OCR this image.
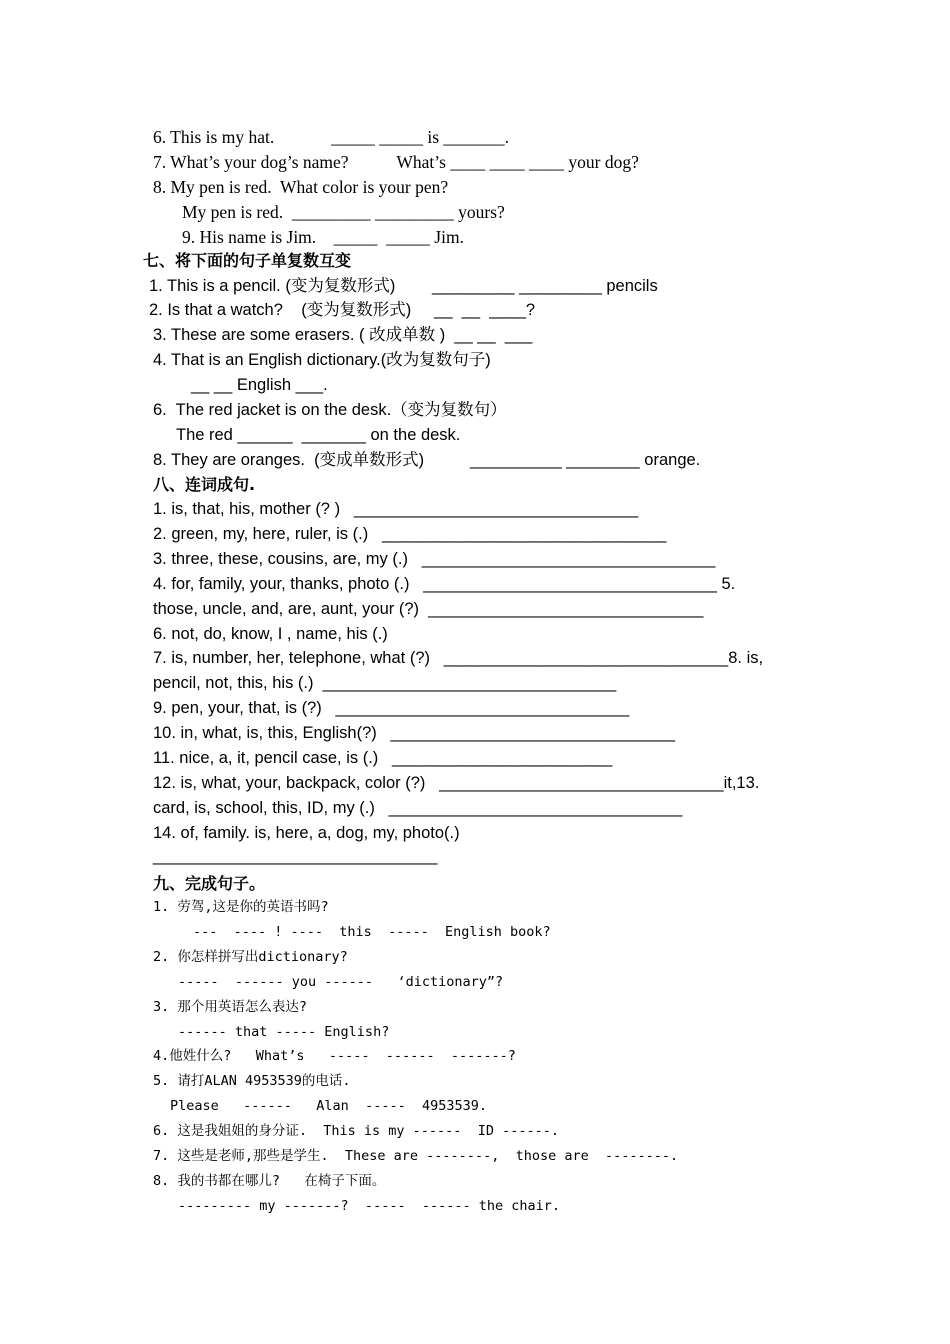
6. This is my hat.             _____ _____ is _______.
7. What’s your dog’s name?           What’s ____ ____ ____ your dog?
8. My pen is red.  What color is your pen?
My pen is red.  _________ _________ yours?
9. His name is Jim.    _____  _____ Jim.
七、将下面的句子单复数互变
1. This is a pencil. (变为复数形式)        _________ _________ pencils
2. Is that a watch?    (变为复数形式)     __  __  ____?
3. These are some erasers. ( 改成单数 )  __ __  ___
4. That is an English dictionary.(改为复数句子)
__ __ English ___.
6.  The red jacket is on the desk.（变为复数句）
The red ______  _______ on the desk.
8. They are oranges.  (变成单数形式)          __________ ________ orange.
八、连词成句.
1. is, that, his, mother (? )   _______________________________
2. green, my, here, ruler, is (.)   _______________________________
3. three, these, cousins, are, my (.)   ________________________________
4. for, family, your, thanks, photo (.)   ________________________________ 5.
those, uncle, and, are, aunt, your (?)  ______________________________
6. not, do, know, I , name, his (.)
7. is, number, her, telephone, what (?)   _______________________________8. is,
pencil, not, this, his (.)  ________________________________
9. pen, your, that, is (?)   ________________________________
10. in, what, is, this, English(?)   _______________________________
11. nice, a, it, pencil case, is (.)   ________________________
12. is, what, your, backpack, color (?)   _______________________________it,13.
card, is, school, this, ID, my (.)   ________________________________
14. of, family. is, here, a, dog, my, photo(.)
_______________________________
九、完成句子。
1. 劳驾,这是你的英语书吗?
---  ---- ! ----  this  -----  English book?
2. 你怎样拼写出dictionary?
-----  ------ you ------   ‘dictionary”?
3. 那个用英语怎么表达?
------ that ----- English?
4.他姓什么?   What’s   -----  ------  -------?
5. 请打ALAN 4953539的电话.
Please   ------   Alan  -----  4953539.
6. 这是我姐姐的身分证.  This is my ------  ID ------.
7. 这些是老师,那些是学生.  These are --------,  those are  --------.
8. 我的书都在哪儿?   在椅子下面。
--------- my -------?  -----  ------ the chair.
